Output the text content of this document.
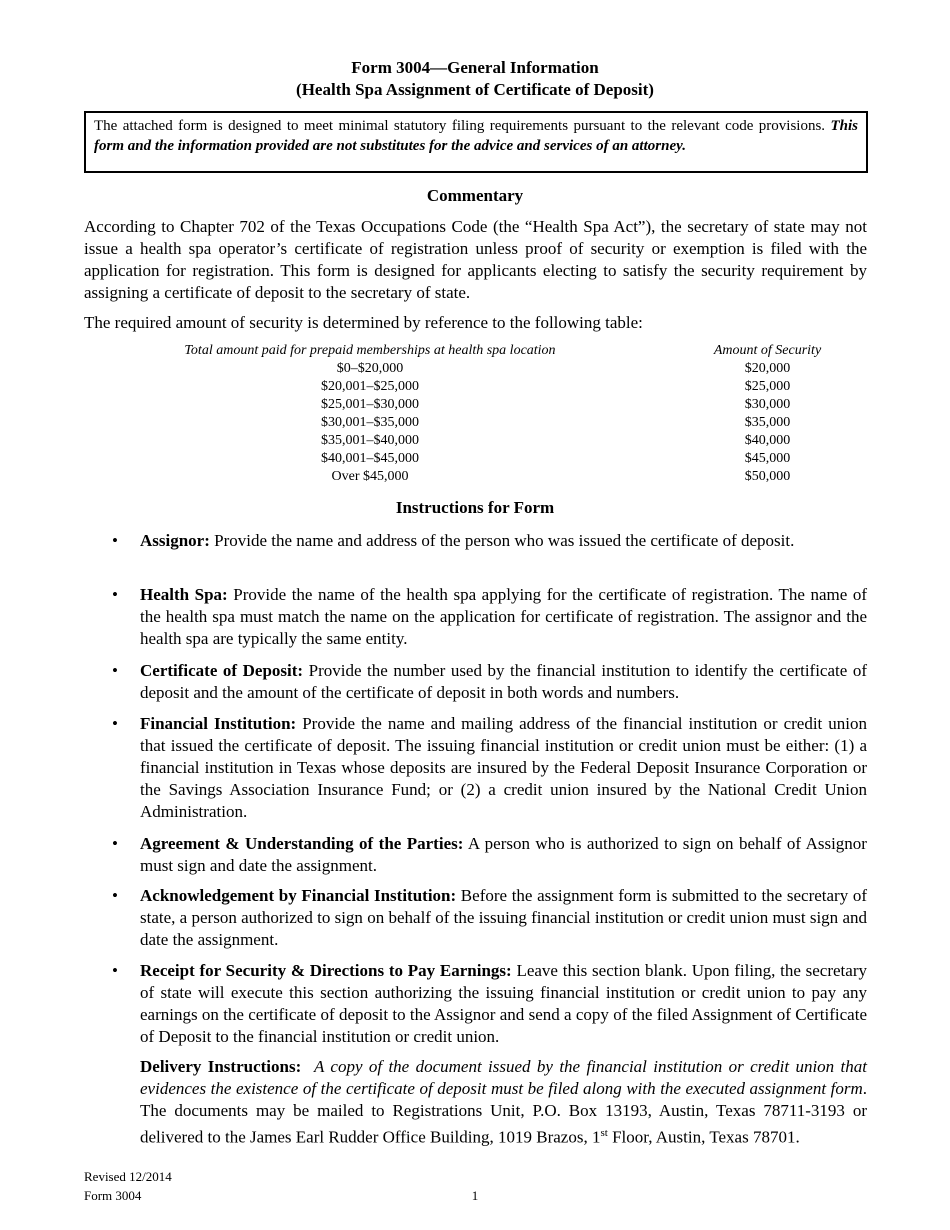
Form 3004—General Information
(Health Spa Assignment of Certificate of Deposit)
The attached form is designed to meet minimal statutory filing requirements pursuant to the relevant code provisions. This form and the information provided are not substitutes for the advice and services of an attorney.
Commentary
According to Chapter 702 of the Texas Occupations Code (the “Health Spa Act”), the secretary of state may not issue a health spa operator’s certificate of registration unless proof of security or exemption is filed with the application for registration. This form is designed for applicants electing to satisfy the security requirement by assigning a certificate of deposit to the secretary of state.
The required amount of security is determined by reference to the following table:
Total amount paid for prepaid memberships at health spa location	Amount of Security
$0–$20,000	$20,000
$20,001–$25,000	$25,000
$25,001–$30,000	$30,000
$30,001–$35,000	$35,000
$35,001–$40,000	$40,000
$40,001–$45,000	$45,000
Over $45,000	$50,000
Instructions for Form
• Assignor: Provide the name and address of the person who was issued the certificate of deposit.
• Health Spa: Provide the name of the health spa applying for the certificate of registration. The name of the health spa must match the name on the application for certificate of registration. The assignor and the health spa are typically the same entity.
• Certificate of Deposit: Provide the number used by the financial institution to identify the certificate of deposit and the amount of the certificate of deposit in both words and numbers.
• Financial Institution: Provide the name and mailing address of the financial institution or credit union that issued the certificate of deposit. The issuing financial institution or credit union must be either: (1) a financial institution in Texas whose deposits are insured by the Federal Deposit Insurance Corporation or the Savings Association Insurance Fund; or (2) a credit union insured by the National Credit Union Administration.
• Agreement & Understanding of the Parties: A person who is authorized to sign on behalf of Assignor must sign and date the assignment.
• Acknowledgement by Financial Institution: Before the assignment form is submitted to the secretary of state, a person authorized to sign on behalf of the issuing financial institution or credit union must sign and date the assignment.
• Receipt for Security & Directions to Pay Earnings: Leave this section blank. Upon filing, the secretary of state will execute this section authorizing the issuing financial institution or credit union to pay any earnings on the certificate of deposit to the Assignor and send a copy of the filed Assignment of Certificate of Deposit to the financial institution or credit union.
Delivery Instructions: A copy of the document issued by the financial institution or credit union that evidences the existence of the certificate of deposit must be filed along with the executed assignment form. The documents may be mailed to Registrations Unit, P.O. Box 13193, Austin, Texas 78711-3193 or delivered to the James Earl Rudder Office Building, 1019 Brazos, 1st Floor, Austin, Texas 78701.
Revised 12/2014
Form 3004	1
